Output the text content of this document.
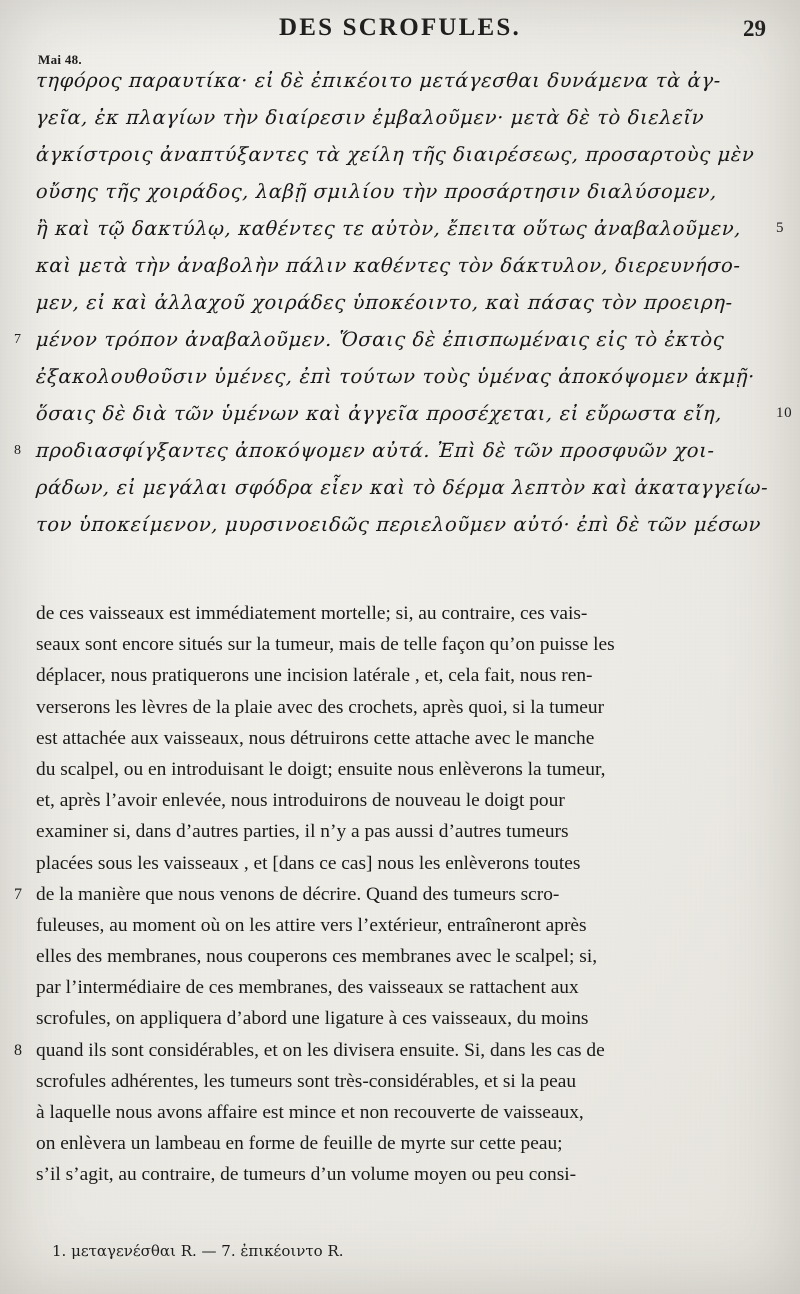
DES SCROFULES.	29
Mai 48.
τηφόρος παραυτίκα· εἰ δὲ ἐπικέοιτο μετάγεσθαι δυνάμενα τὰ ἀγ-
γεῖα, ἐκ πλαγίων τὴν διαίρεσιν ἐμβαλοῦμεν· μετὰ δὲ τὸ διελεῖν
ἀγκίστροις ἀναπτύξαντες τὰ χείλη τῆς διαιρέσεως, προσαρτοὺς μὲν
οὔσης τῆς χοιράδος, λαβῇ σμιλίου τὴν προσάρτησιν διαλύσομεν,
ἢ καὶ τῷ δακτύλῳ, καθέντες τε αὐτὸν, ἔπειτα οὕτως ἀναβαλοῦμεν, 5
καὶ μετὰ τὴν ἀναβολὴν πάλιν καθέντες τὸν δάκτυλον, διερευνήσο-
μεν, εἰ καὶ ἀλλαχοῦ χοιράδες ὑποκέοιντο, καὶ πάσας τὸν προειρη-
7 μένον τρόπον ἀναβαλοῦμεν. Ὅσαις δὲ ἐπισπωμέναις εἰς τὸ ἐκτὸς
ἐξακολουθοῦσιν ὑμένες, ἐπὶ τούτων τοὺς ὑμένας ἀποκόψομεν ἀκμῇ·
ὅσαις δὲ διὰ τῶν ὑμένων καὶ ἀγγεῖα προσέχεται, εἰ εὔρωστα εἴη,	10
8 προδιασφίγξαντες ἀποκόψομεν αὐτά. Ἐπὶ δὲ τῶν προσφυῶν χοι-
ράδων, εἰ μεγάλαι σφόδρα εἶεν καὶ τὸ δέρμα λεπτὸν καὶ ἀκαταγγείω-
τον ὑποκείμενον, μυρσινοειδῶς περιελοῦμεν αὐτό· ἐπὶ δὲ τῶν μέσων
de ces vaisseaux est immédiatement mortelle; si, au contraire, ces vais-
seaux sont encore situés sur la tumeur, mais de telle façon qu’on puisse les
déplacer, nous pratiquerons une incision latérale , et, cela fait, nous ren-
verserons les lèvres de la plaie avec des crochets, après quoi, si la tumeur
est attachée aux vaisseaux, nous détruirons cette attache avec le manche
du scalpel, ou en introduisant le doigt; ensuite nous enlèverons la tumeur,
et, après l’avoir enlevée, nous introduirons de nouveau le doigt pour
examiner si, dans d’autres parties, il n’y a pas aussi d’autres tumeurs
placées sous les vaisseaux , et [dans ce cas] nous les enlèverons toutes
7 de la manière que nous venons de décrire. Quand des tumeurs scro-
fuleuses, au moment où on les attire vers l’extérieur, entraîneront après
elles des membranes, nous couperons ces membranes avec le scalpel; si,
par l’intermédiaire de ces membranes, des vaisseaux se rattachent aux
scrofules, on appliquera d’abord une ligature à ces vaisseaux, du moins
8 quand ils sont considérables, et on les divisera ensuite. Si, dans les cas de
scrofules adhérentes, les tumeurs sont très-considérables, et si la peau
à laquelle nous avons affaire est mince et non recouverte de vaisseaux,
on enlèvera un lambeau en forme de feuille de myrte sur cette peau;
s’il s’agit, au contraire, de tumeurs d’un volume moyen ou peu consi-
1. μεταγενέσθαι R. — 7. ἐπικέοιντο R.
